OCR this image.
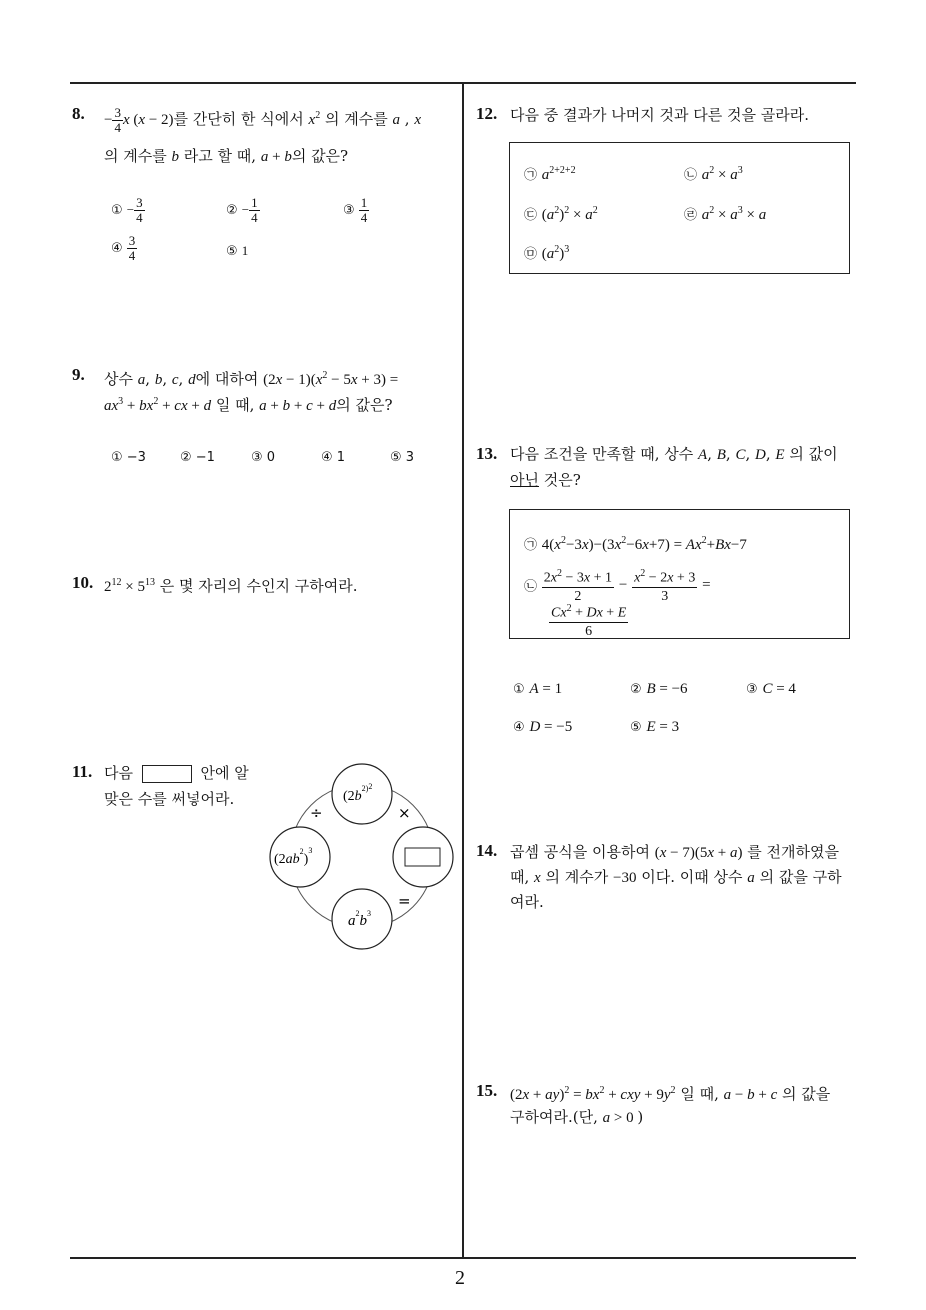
2
8. − $\frac{3}{4}$ x (x − 2)를 간단히 한 식에서 $x^2$ 의 계수를 a , x
의 계수를 b 라고 할 때, a + b의 값은?
① − $\frac{3}{4}$	② − $\frac{1}{4}$	③ $\frac{1}{4}$
④ $\frac{3}{4}$	⑤ 1
9. 상수 a, b, c, d에 대하여 $(2x - 1)(x^2 - 5x + 3)$ =
$ax^3 + bx^2$ + cx + d 일 때, a + b + c + d의 값은?
① −3	② −1	③ 0	④ 1	⑤ 3
10. $2^{12} \times 5^{13}$ 은 몇 자리의 수인지 구하여라.
11. 다음	안에 알
맞은 수를 써넣어라.	$(2b^2)2$
$(2ab^2)^3$
$a^2b^3$
÷	×
=
12. 다음 중 결과가 나머지 것과 다른 것을 골라라.
㉠ $a^{2+2+2}$	㉡ $a^2 \times a^3$
㉢ $(a^2)^2 \times a^2$	㉣ $a^2 \times a^3 \times a$
㉤ $(a^2)^3$
13. 다음 조건을 만족할 때, 상수 A, B, C, D, E 의 값이
아닌 것은?
㉠ $4(x^2-3x)-(3x^2-6x+7) = Ax^2+Bx-7$
㉡ $\frac{2x^2 - 3x + 1}{2} - \frac{x^2 - 2x + 3}{3}$ =
$\frac{Cx^2 + Dx + E}{6}$
① A = 1	② B = −6	③ C = 4
④ D = −5	⑤ E = 3
14. 곱셈 공식을 이용하여 (x − 7)(5x + a) 를 전개하였을
때, x 의 계수가 −30 이다. 이때 상수 a 의 값을 구하
여라.
15. $(2x + ay)^2 = bx^2$ + cxy + $9y^2$ 일 때, a − b + c 의 값을
구하여라.(단, a > 0 )
